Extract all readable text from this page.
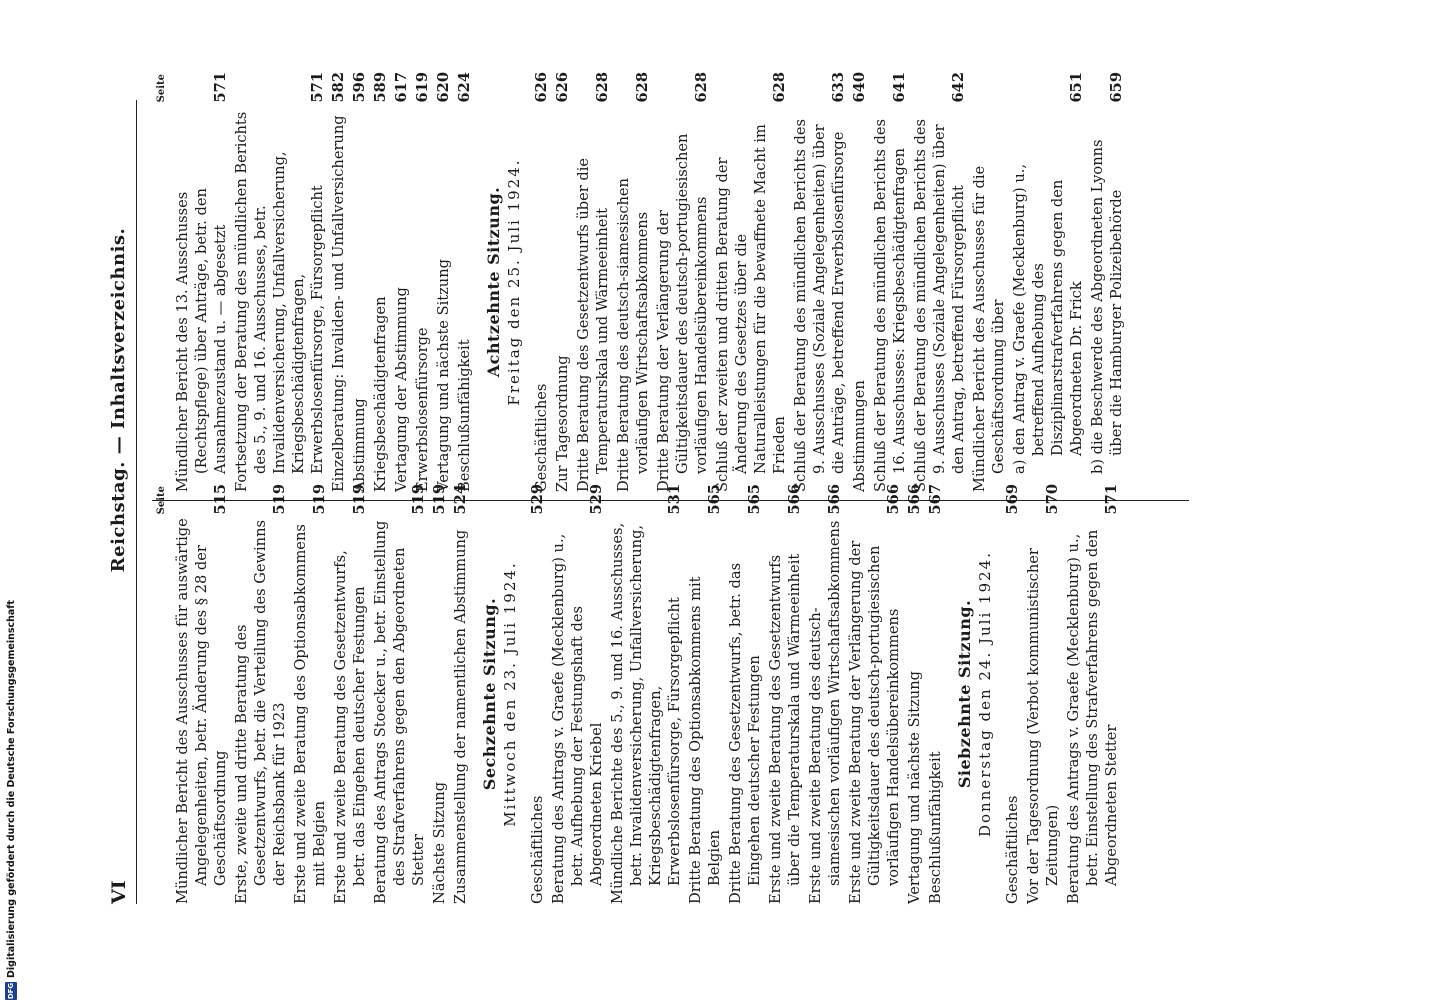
VI
Reichstag. — Inhaltsverzeichnis.	Seite
Mündlicher Bericht des Ausschusses für auswärtige Angelegenheiten, betr. Änderung des § 28 der Geschäftsordnung
515
Erste, zweite und dritte Beratung des Gesetzentwurfs, betr. die Verteilung des Gewinns der Reichsbank für 1923
519
Erste und zweite Beratung des Optionsabkommens mit Belgien
519
Erste und zweite Beratung des Gesetzentwurfs, betr. das Eingehen deutscher Festungen
519
Beratung des Antrags Stoecker u., betr. Einstellung des Strafverfahrens gegen den Abgeordneten Stetter
519
Nächste Sitzung
519
Zusammenstellung der namentlichen Abstimmung
524
Sechzehnte Sitzung. Mittwoch den 23. Juli 1924.
Geschäftliches
529
Beratung des Antrags v. Graefe (Mecklenburg) u., betr. Aufhebung der Festungshaft des Abgeordneten Kriebel
529
Mündliche Berichte des 5., 9. und 16. Ausschusses, betr. Invalidenversicherung, Unfallversicherung, Kriegsbeschädigtenfragen, Erwerbslosenfürsorge, Fürsorgepflicht
531
Dritte Beratung des Optionsabkommens mit Belgien
565
Dritte Beratung des Gesetzentwurfs, betr. das Eingehen deutscher Festungen
565
Erste und zweite Beratung des Gesetzentwurfs über die Temperaturskala und Wärmeeinheit
566
Erste und zweite Beratung des deutsch-siamesischen vorläufigen Wirtschaftsabkommens
566
Erste und zweite Beratung der Verlängerung der Gültigkeitsdauer des deutsch-portugiesischen vorläufigen Handelsübereinkommens
566
Vertagung und nächste Sitzung
566
Beschlußunfähigkeit
567
Siebzehnte Sitzung. Donnerstag den 24. Juli 1924.
Geschäftliches
569
Vor der Tagesordnung (Verbot kommunistischer Zeitungen)
570
Beratung des Antrags v. Graefe (Mecklenburg) u., betr. Einstellung des Strafverfahrens gegen den Abgeordneten Stetter
571
Seite
Mündlicher Bericht des 13. Ausschusses (Rechtspflege) über Anträge, betr. den Ausnahmezustand u. — abgesetzt
571
Fortsetzung der Beratung des mündlichen Berichts des 5., 9. und 16. Ausschusses, betr. Invalidenversicherung, Unfallversicherung, Kriegsbeschädigtenfragen, Erwerbslosenfürsorge, Fürsorgepflicht
571
Einzelberatung: Invaliden- und Unfallversicherung
582
Abstimmung
596
Kriegsbeschädigtenfragen
589
Vertagung der Abstimmung
617
Erwerbslosenfürsorge
619
Vertagung und nächste Sitzung
620
Beschlußunfähigkeit
624
Achtzehnte Sitzung. Freitag den 25. Juli 1924.
Geschäftliches
626
Zur Tagesordnung
626
Dritte Beratung des Gesetzentwurfs über die Temperaturskala und Wärmeeinheit
628
Dritte Beratung des deutsch-siamesischen vorläufigen Wirtschaftsabkommens
628
Dritte Beratung der Verlängerung der Gültigkeitsdauer des deutsch-portugiesischen vorläufigen Handelsübereinkommens
628
Schluß der zweiten und dritten Beratung der Änderung des Gesetzes über die Naturalleistungen für die bewaffnete Macht im Frieden
628
Schluß der Beratung des mündlichen Berichts des 9. Ausschusses (Soziale Angelegenheiten) über die Anträge, betreffend Erwerbslosenfürsorge
633
Abstimmungen
640
Schluß der Beratung des mündlichen Berichts des 16. Ausschusses: Kriegsbeschädigtenfragen
641
Schluß der Beratung des mündlichen Berichts des 9. Ausschusses (Soziale Angelegenheiten) über den Antrag, betreffend Fürsorgepflicht
642
Mündlicher Bericht des Ausschusses für die Geschäftsordnung über a) den Antrag v. Graefe (Mecklenburg) u., betreffend Aufhebung des Disziplinarstrafverfahrens gegen den Abgeordneten Dr. Frick
651
b) die Beschwerde des Abgeordneten Lyonns über die Hamburger Polizeibehörde
659
DFG
Digitalisierung gefördert durch die Deutsche Forschungsgemeinschaft
